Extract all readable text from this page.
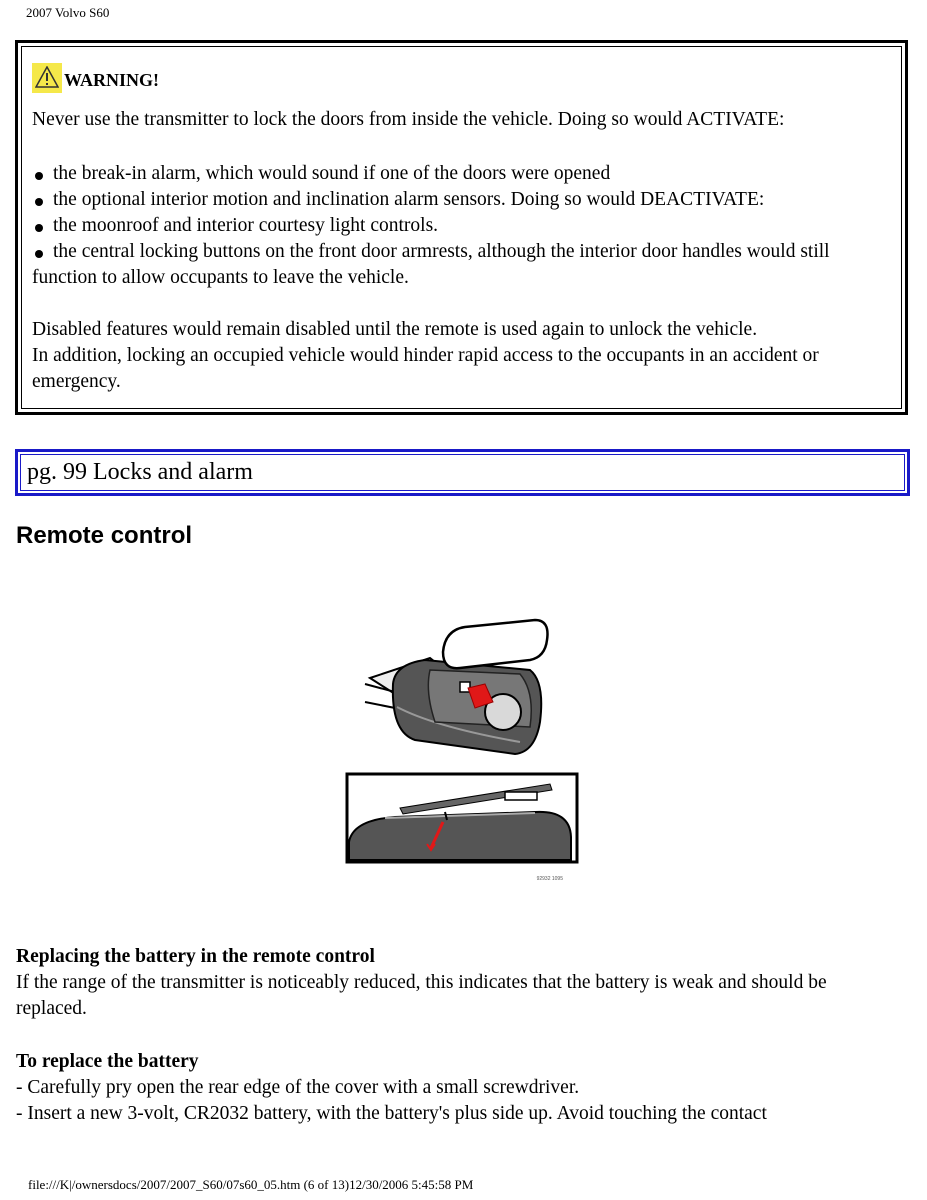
2007 Volvo S60
WARNING!
Never use the transmitter to lock the doors from inside the vehicle. Doing so would ACTIVATE:
the break-in alarm, which would sound if one of the doors were opened
the optional interior motion and inclination alarm sensors. Doing so would DEACTIVATE:
the moonroof and interior courtesy light controls.
the central locking buttons on the front door armrests, although the interior door handles would still
function to allow occupants to leave the vehicle.
Disabled features would remain disabled until the remote is used again to unlock the vehicle.
In addition, locking an occupied vehicle would hinder rapid access to the occupants in an accident or
emergency.
pg. 99 Locks and alarm
Remote control
92932 1095
Replacing the battery in the remote control
If the range of the transmitter is noticeably reduced, this indicates that the battery is weak and should be
replaced.
To replace the battery
- Carefully pry open the rear edge of the cover with a small screwdriver.
- Insert a new 3-volt, CR2032 battery, with the battery's plus side up. Avoid touching the contact
file:///K|/ownersdocs/2007/2007_S60/07s60_05.htm (6 of 13)12/30/2006 5:45:58 PM
